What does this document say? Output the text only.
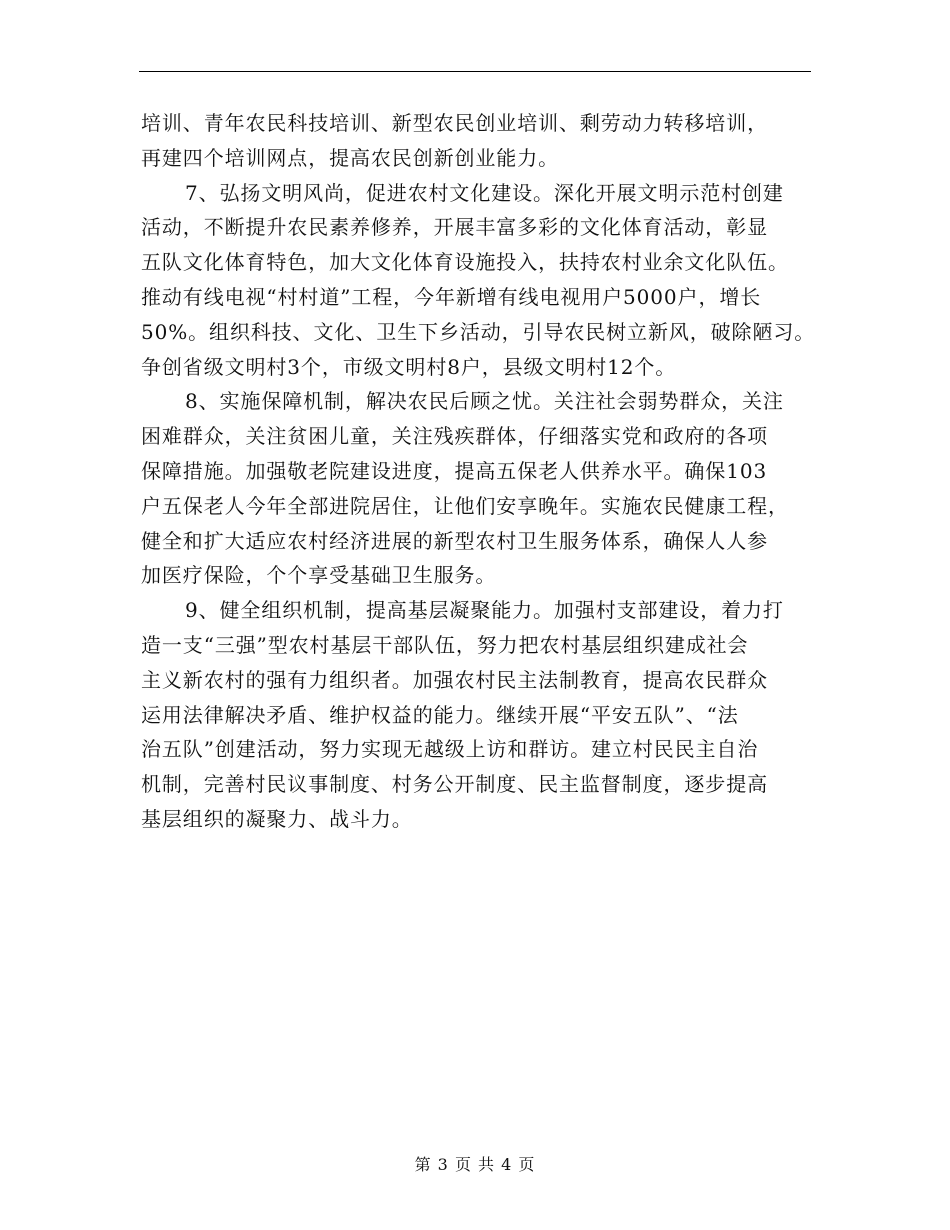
培训、青年农民科技培训、新型农民创业培训、剩劳动力转移培训，
再建四个培训网点，提高农民创新创业能力。
7、弘扬文明风尚，促进农村文化建设。深化开展文明示范村创建
活动，不断提升农民素养修养，开展丰富多彩的文化体育活动，彰显
五队文化体育特色，加大文化体育设施投入，扶持农村业余文化队伍。
推动有线电视“村村道”工程，今年新增有线电视用户5000户，增长
50%。组织科技、文化、卫生下乡活动，引导农民树立新风，破除陋习。
争创省级文明村3个，市级文明村8户，县级文明村12个。
8、实施保障机制，解决农民后顾之忧。关注社会弱势群众，关注
困难群众，关注贫困儿童，关注残疾群体，仔细落实党和政府的各项
保障措施。加强敬老院建设进度，提高五保老人供养水平。确保103
户五保老人今年全部进院居住，让他们安享晚年。实施农民健康工程，
健全和扩大适应农村经济进展的新型农村卫生服务体系，确保人人参
加医疗保险，个个享受基础卫生服务。
9、健全组织机制，提高基层凝聚能力。加强村支部建设，着力打
造一支“三强”型农村基层干部队伍，努力把农村基层组织建成社会
主义新农村的强有力组织者。加强农村民主法制教育，提高农民群众
运用法律解决矛盾、维护权益的能力。继续开展“平安五队”、“法
治五队”创建活动，努力实现无越级上访和群访。建立村民民主自治
机制，完善村民议事制度、村务公开制度、民主监督制度，逐步提高
基层组织的凝聚力、战斗力。
第 3 页 共 4 页
